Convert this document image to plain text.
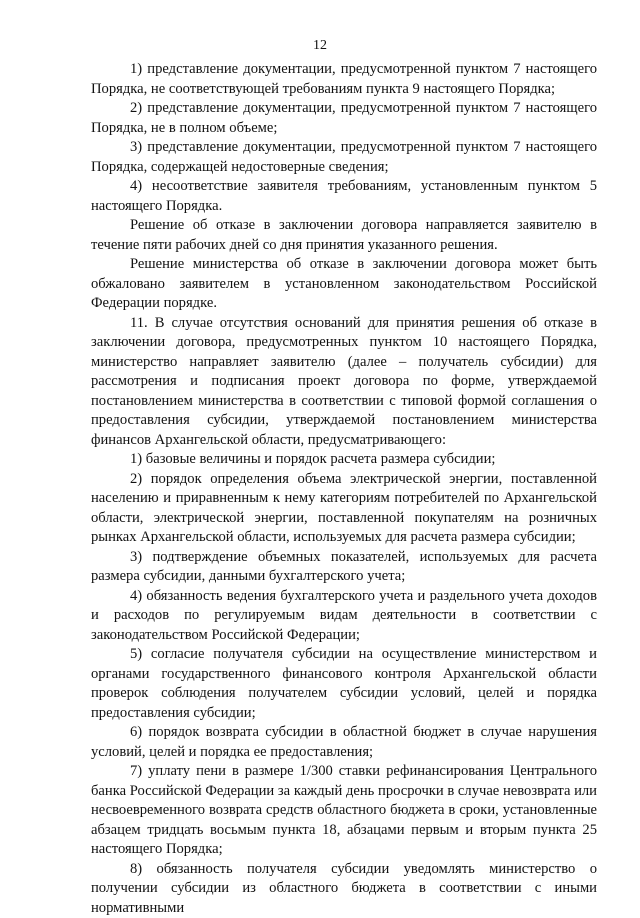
12

1) представление документации, предусмотренной пунктом 7 настоящего Порядка, не соответствующей требованиям пункта 9 настоящего Порядка;

2) представление документации, предусмотренной пунктом 7 настоящего Порядка, не в полном объеме;

3) представление документации, предусмотренной пунктом 7 настоящего Порядка, содержащей недостоверные сведения;

4) несоответствие заявителя требованиям, установленным пунктом 5 настоящего Порядка.

Решение об отказе в заключении договора направляется заявителю в течение пяти рабочих дней со дня принятия указанного решения.

Решение министерства об отказе в заключении договора может быть обжаловано заявителем в установленном законодательством Российской Федерации порядке.

11. В случае отсутствия оснований для принятия решения об отказе в заключении договора, предусмотренных пунктом 10 настоящего Порядка, министерство направляет заявителю (далее – получатель субсидии) для рассмотрения и подписания проект договора по форме, утверждаемой постановлением министерства в соответствии с типовой формой соглашения о предоставления субсидии, утверждаемой постановлением министерства финансов Архангельской области, предусматривающего:

1) базовые величины и порядок расчета размера субсидии;

2) порядок определения объема электрической энергии, поставленной населению и приравненным к нему категориям потребителей по Архангельской области, электрической энергии, поставленной покупателям на розничных рынках Архангельской области, используемых для расчета размера субсидии;

3) подтверждение объемных показателей, используемых для расчета размера субсидии, данными бухгалтерского учета;

4) обязанность ведения бухгалтерского учета и раздельного учета доходов и расходов по регулируемым видам деятельности в соответствии с законодательством Российской Федерации;

5) согласие получателя субсидии на осуществление министерством и органами государственного финансового контроля Архангельской области проверок соблюдения получателем субсидии условий, целей и порядка предоставления субсидии;

6) порядок возврата субсидии в областной бюджет в случае нарушения условий, целей и порядка ее предоставления;

7) уплату пени в размере 1/300 ставки рефинансирования Центрального банка Российской Федерации за каждый день просрочки в случае невозврата или несвоевременного возврата средств областного бюджета в сроки, установленные абзацем тридцать восьмым пункта 18, абзацами первым и вторым пункта 25 настоящего Порядка;

8) обязанность получателя субсидии уведомлять министерство о получении субсидии из областного бюджета в соответствии с иными нормативными
